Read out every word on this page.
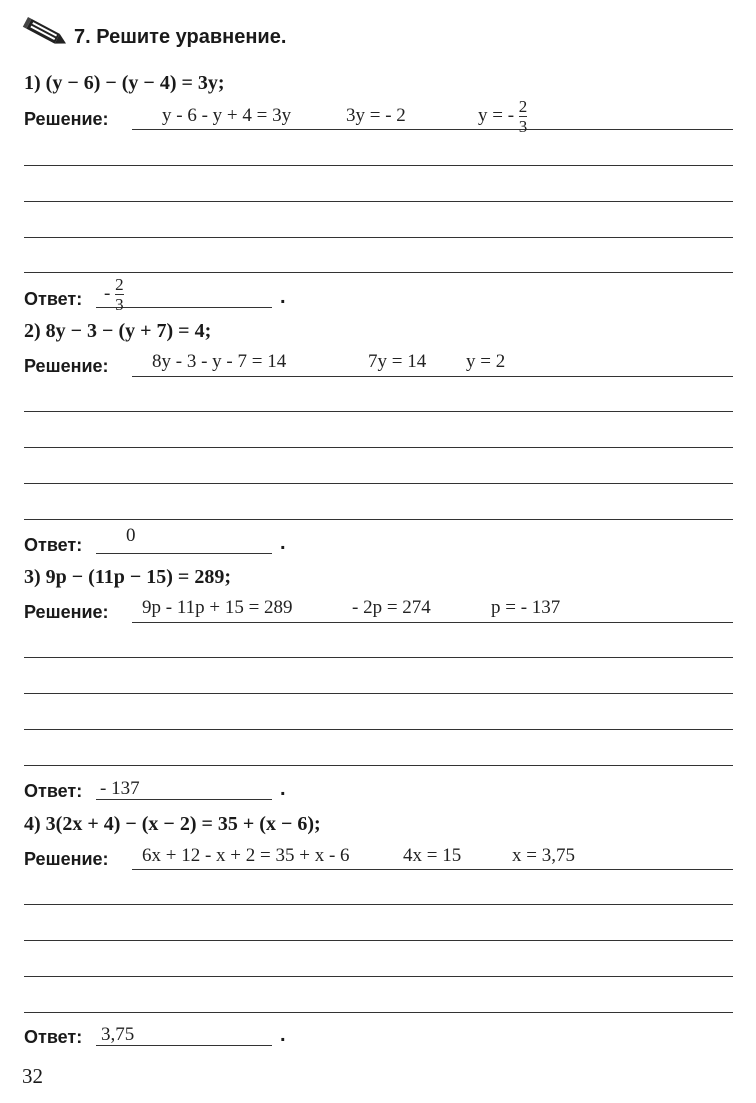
7. Решите уравнение.
1) (y − 6) − (y − 4) = 3y;
Решение:	y - 6 - y + 4 = 3y	3y = - 2	y = - $\frac{2}{3}$
Ответ: - $\frac{2}{3}$	.
2) 8y − 3 − (y + 7) = 4;
Решение: 8y - 3 - y - 7 = 14	7y = 14 y = 2
Ответ: 0	.
3) 9p − (11p − 15) = 289;
Решение: 9p - 11p + 15 = 289	- 2p = 274	p = - 137
Ответ: - 137	.
4) 3(2x + 4) − (x − 2) = 35 + (x − 6);
Решение: 6x + 12 - x + 2 = 35 + x - 6	4x = 15	x = 3,75
Ответ: 3,75	.
32
